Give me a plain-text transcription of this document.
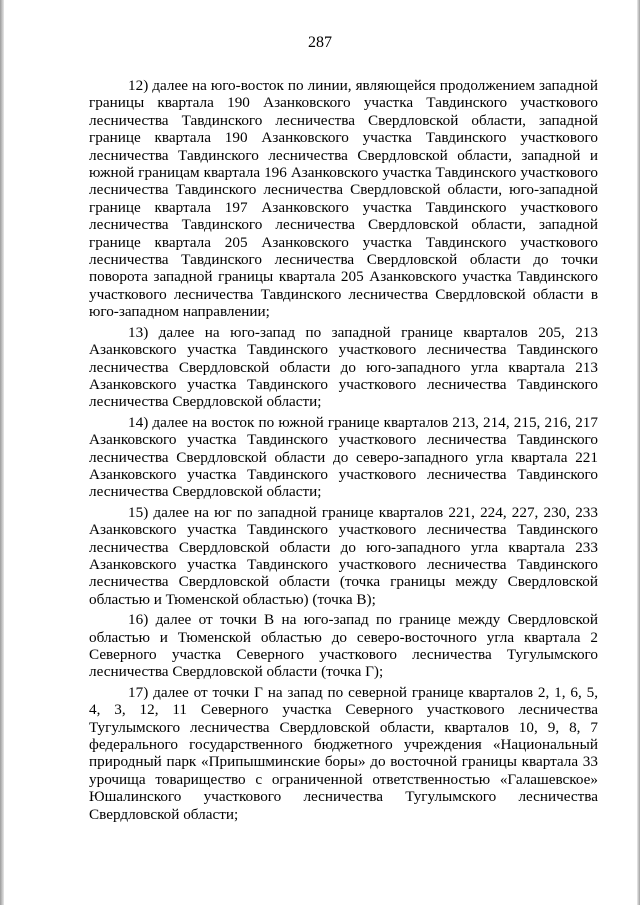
287

12) далее на юго-восток по линии, являющейся продолжением западной границы квартала 190 Азанковского участка Тавдинского участкового лесничества Тавдинского лесничества Свердловской области, западной границе квартала 190 Азанковского участка Тавдинского участкового лесничества Тавдинского лесничества Свердловской области, западной и южной границам квартала 196 Азанковского участка Тавдинского участкового лесничества Тавдинского лесничества Свердловской области, юго-западной границе квартала 197 Азанковского участка Тавдинского участкового лесничества Тавдинского лесничества Свердловской области, западной границе квартала 205 Азанковского участка Тавдинского участкового лесничества Тавдинского лесничества Свердловской области до точки поворота западной границы квартала 205 Азанковского участка Тавдинского участкового лесничества Тавдинского лесничества Свердловской области в юго-западном направлении;

13) далее на юго-запад по западной границе кварталов 205, 213 Азанковского участка Тавдинского участкового лесничества Тавдинского лесничества Свердловской области до юго-западного угла квартала 213 Азанковского участка Тавдинского участкового лесничества Тавдинского лесничества Свердловской области;

14) далее на восток по южной границе кварталов 213, 214, 215, 216, 217 Азанковского участка Тавдинского участкового лесничества Тавдинского лесничества Свердловской области до северо-западного угла квартала 221 Азанковского участка Тавдинского участкового лесничества Тавдинского лесничества Свердловской области;

15) далее на юг по западной границе кварталов 221, 224, 227, 230, 233 Азанковского участка Тавдинского участкового лесничества Тавдинского лесничества Свердловской области до юго-западного угла квартала 233 Азанковского участка Тавдинского участкового лесничества Тавдинского лесничества Свердловской области (точка границы между Свердловской областью и Тюменской областью) (точка В);

16) далее от точки В на юго-запад по границе между Свердловской областью и Тюменской областью до северо-восточного угла квартала 2 Северного участка Северного участкового лесничества Тугулымского лесничества Свердловской области (точка Г);

17) далее от точки Г на запад по северной границе кварталов 2, 1, 6, 5, 4, 3, 12, 11 Северного участка Северного участкового лесничества Тугулымского лесничества Свердловской области, кварталов 10, 9, 8, 7 федерального государственного бюджетного учреждения «Национальный природный парк «Припышминские боры» до восточной границы квартала 33 урочища товарищество с ограниченной ответственностью «Галашевское» Юшалинского участкового лесничества Тугулымского лесничества Свердловской области;
